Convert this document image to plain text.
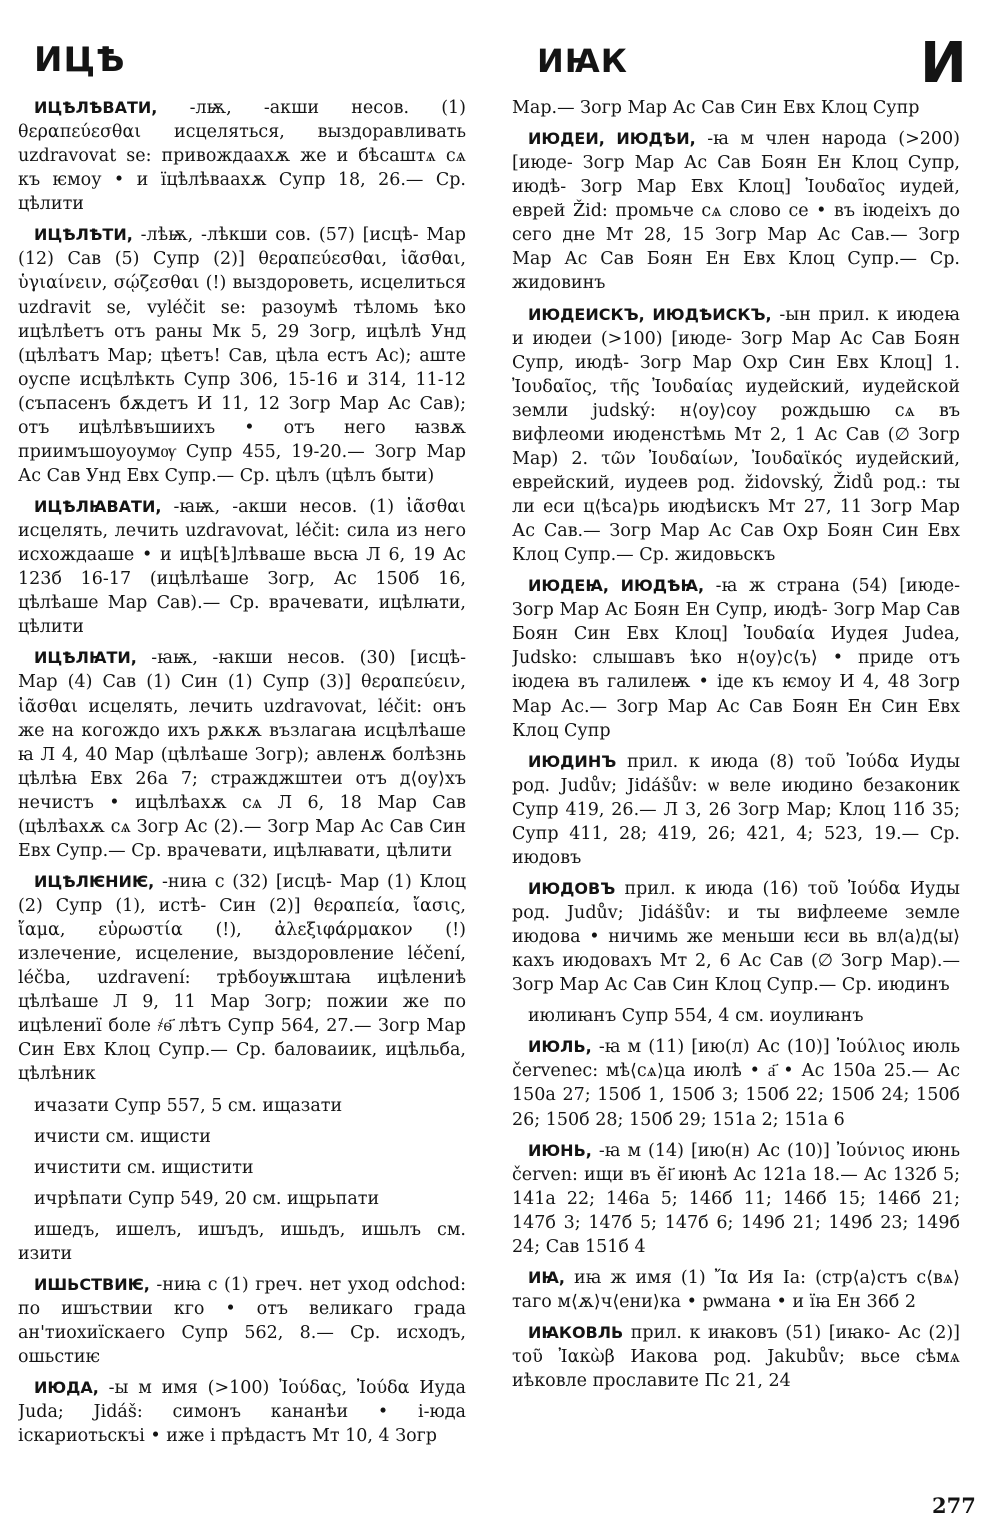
ИЦѢ	ИꙖК	И

ИЦѢЛѢВАТИ, -лѭ, -акши несов. (1) θεραπεύεσθαι исцеляться, выздоравливать uzdravovat se: привождаахѫ же и бѣсаштѧ сѧ къ ѥмоу • и їцѣлѣваахѫ Супр 18, 26.— Ср. цѣлити

ИЦѢЛѢТИ, -лѣѭ, -лѣкши сов. (57) [исцѣ- Мар (12) Сав (5) Супр (2)] θεραπεύεσθαι, ἰᾶσθαι, ὑγιαίνειν, σῴζεσθαι (!) выздороветь, исцелиться uzdravit se, vyléčit se: разоумѣ тѣломь ѣко ицѣлѣетъ отъ раны Мк 5, 29 Зогр, ицѣлѣ Унд (цѣлѣатъ Мар; цѣетъ! Сав, цѣла естъ Ас); аште оуспе исцѣлѣкть Супр 306, 15-16 и 314, 11-12 (съпасенъ бѫдетъ И 11, 12 Зогр Мар Ас Сав); отъ ицѣлѣвъшиихъ • отъ него ꙗзвѫ приимъшоуоумѹ Супр 455, 19-20.— Зогр Мар Ас Сав Унд Евх Супр.— Ср. цѣлъ (цѣлъ быти)

ИЦѢЛꙖВАТИ, -ꙗѭ, -акши несов. (1) ἰᾶσθαι исцелять, лечить uzdravovat, léčit: сила из него исхождааше • и ицѣ[ѣ]лѣваше вьсꙗ Л 6, 19 Ас 123б 16-17 (ицѣлѣаше Зогр, Ас 150б 16, цѣлѣаше Мар Сав).— Ср. врачевати, ицѣлꙗти, цѣлити

ИЦѢЛꙖТИ, -ꙗѭ, -ꙗкши несов. (30) [исцѣ- Мар (4) Сав (1) Син (1) Супр (3)] θεραπεύειν, ἰᾶσθαι исцелять, лечить uzdravovat, léčit: онъ же на когождо ихъ рѫкѫ възлагаꙗ исцѣлѣаше ꙗ Л 4, 40 Мар (цѣлѣаше Зогр); авленѫ болѣзнь цѣлѣꙗ Евх 26а 7; стражджштеи отъ д⟨оу⟩хъ нечистъ • ицѣлѣахѫ сѧ Л 6, 18 Мар Сав (цѣлѣахѫ сѧ Зогр Ас (2).— Зогр Мар Ас Сав Син Евх Супр.— Ср. врачевати, ицѣлꙗвати, цѣлити

ИЦѢЛѤНИѤ, -ниꙗ с (32) [исцѣ- Мар (1) Клоц (2) Супр (1), истѣ- Син (2)] θεραπεία, ἴασις, ἴαμα, εὐρωστία (!), ἀλεξιφάρμακον (!) излечение, исцеление, выздоровление léčení, léčba, uzdravení: трѣбоуѭштаꙗ ицѣлениѣ цѣлѣаше Л 9, 11 Мар Зогр; пожии же по ицѣлениї боле ҂ѳ҃ лѣтъ Супр 564, 27.— Зогр Мар Син Евх Клоц Супр.— Ср. баловаиик, ицѣльба, цѣлѣник

ичазати Супр 557, 5 см. ищазати

ичисти см. ищисти

ичистити см. ищистити

ичрѣпати Супр 549, 20 см. ищрьпати

ишедъ, ишелъ, ишъдъ, ишьдъ, ишьлъ см. изити

ИШЬСТВИѤ, -ниꙗ с (1) греч. нет уход odchod: по ишъствии кго • отъ великаго града ан'тиохиїскаего Супр 562, 8.— Ср. исходъ, ошьстиѥ

ИЮДА, -ы м имя (>100) Ἰούδας, Ἰούδα Иуда Juda; Jidáš: симонъ кананѣи • і-юда іскариотьскъі • иже і прѣдастъ Мт 10, 4 Зогр

Мар.— Зогр Мар Ас Сав Син Евх Клоц Супр

ИЮДЕИ, ИЮДѢИ, -ꙗ м член народа (>200) [июде- Зогр Мар Ас Сав Боян Ен Клоц Супр, июдѣ- Зогр Мар Евх Клоц] Ἰουδαῖος иудей, еврей Žid: промьче сѧ слово се • въ іюдеіхъ до сего дне Мт 28, 15 Зогр Мар Ас Сав.— Зогр Мар Ас Сав Боян Ен Евх Клоц Супр.— Ср. жидовинъ

ИЮДЕИСКЪ, ИЮДѢИСКЪ, -ын прил. к июдеꙗ и июдеи (>100) [июде- Зогр Мар Ас Сав Боян Супр, июдѣ- Зогр Мар Охр Син Евх Клоц] 1. Ἰουδαῖος, τῆς Ἰουδαίας иудейский, иудейской земли judský: н⟨оу⟩соу рождьшю сѧ въ вифлеоми июденстѣмь Мт 2, 1 Ас Сав (∅ Зогр Мар) 2. τῶν Ἰουδαίων, Ἰουδαϊκός иудейский, еврейский, иудеев род. židovský, Židů род.: ты ли еси ц⟨ѣса⟩рь июдѣискъ Мт 27, 11 Зогр Мар Ас Сав.— Зогр Мар Ас Сав Охр Боян Син Евх Клоц Супр.— Ср. жидовьскъ

ИЮДЕꙖ, ИЮДѢꙖ, -ꙗ ж страна (54) [июде- Зогр Мар Ас Боян Ен Супр, июдѣ- Зогр Мар Сав Боян Син Евх Клоц] Ἰουδαία Иудея Judea, Judsko: слышавъ ѣко н⟨оу⟩с⟨ъ⟩ • приде отъ іюдеꙗ въ галилеѭ • іде къ ѥмоу И 4, 48 Зогр Мар Ас.— Зогр Мар Ас Сав Боян Ен Син Евх Клоц Супр

ИЮДИНЪ прил. к июда (8) τοῦ Ἰούδα Иуды род. Judův; Jidášův: ѡ веле июдино безаконик Супр 419, 26.— Л 3, 26 Зогр Мар; Клоц 11б 35; Супр 411, 28; 419, 26; 421, 4; 523, 19.— Ср. июдовъ

ИЮДОВЪ прил. к июда (16) τοῦ Ἰούδα Иуды род. Judův; Jidášův: и ты вифлееме земле июдова • ничимь же меньши ѥси вь вл⟨а⟩д⟨ы⟩кахъ июдовахъ Мт 2, 6 Ас Сав (∅ Зогр Мар).— Зогр Мар Ас Сав Син Клоц Супр.— Ср. июдинъ

июлиꙗнъ Супр 554, 4 см. иоулиꙗнъ

ИЮЛЬ, -ꙗ м (11) [ию(л) Ас (10)] Ἰούλιος июль červenec: мѣ⟨сѧ⟩ца июлѣ • а҃ • Ас 150а 25.— Ас 150а 27; 150б 1, 150б 3; 150б 22; 150б 24; 150б 26; 150б 28; 150б 29; 151а 2; 151а 6

ИЮНЬ, -ꙗ м (14) [ию(н) Ас (10)] Ἰούνιος июнь červen: ищи въ ӗі҃ июнѣ Ас 121а 18.— Ас 132б 5; 141а 22; 146а 5; 146б 11; 146б 15; 146б 21; 147б 3; 147б 5; 147б 6; 149б 21; 149б 23; 149б 24; Сав 151б 4

ИꙖ, иꙗ ж имя (1) Ἴα Ия Ia: (стр⟨а⟩стъ с⟨вѧ⟩таго м⟨ѫ⟩ч⟨ени⟩ка • рѡмана • и їꙗ Ен 36б 2

ИꙖКОВЛЬ прил. к иꙗковъ (51) [иꙗко- Ас (2)] τοῦ Ἰακὼβ Иакова род. Jakubův; вьсе сѣмѧ иѣковле прославите Пс 21, 24

277
